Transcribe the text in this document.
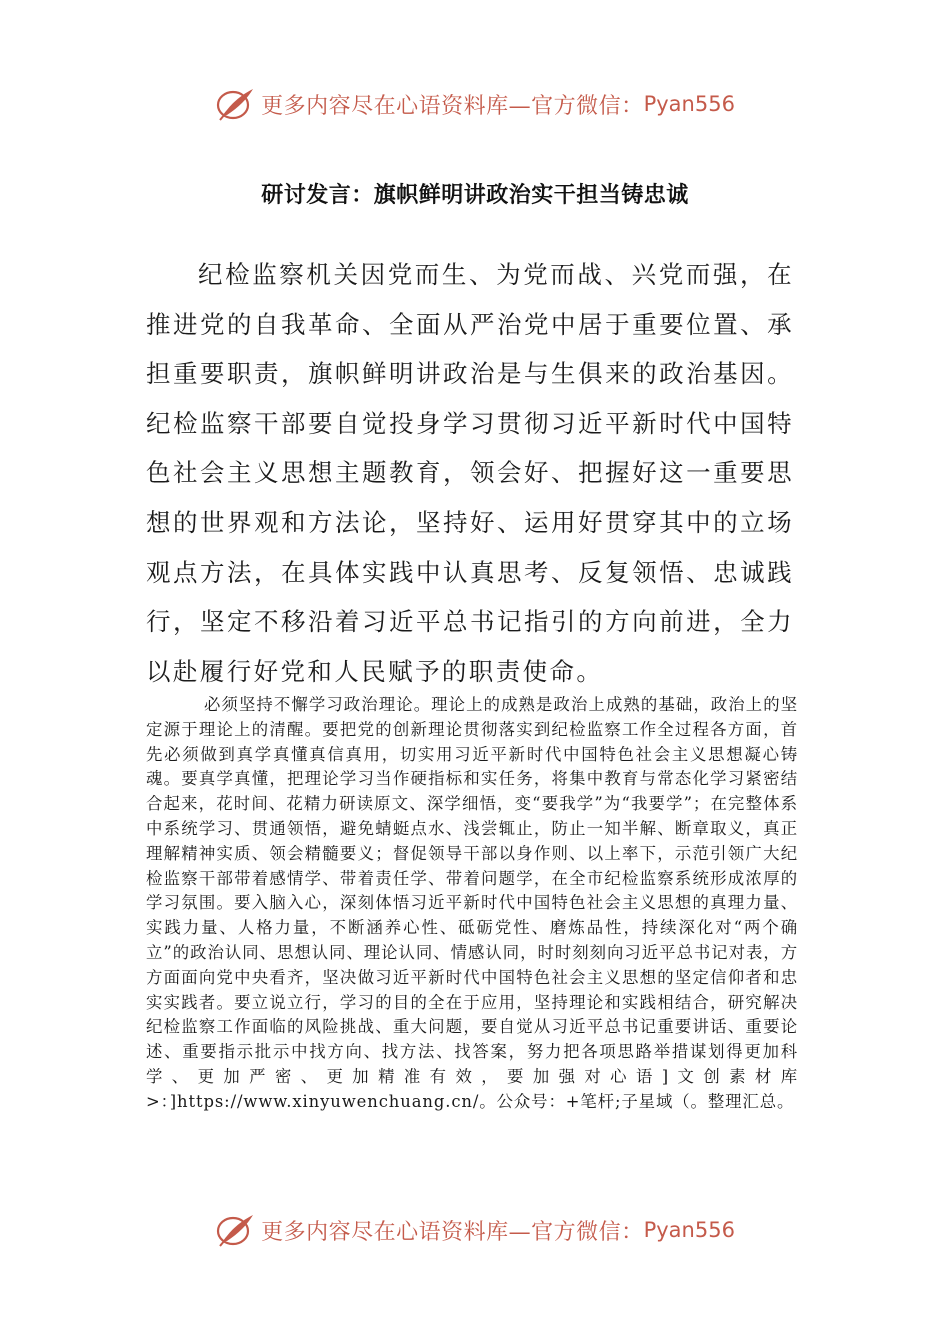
更多内容尽在心语资料库—官方微信： Pyan556
研讨发言：旗帜鲜明讲政治实干担当铸忠诚

纪检监察机关因党而生、为党而战、兴党而强，在推进党的自我革命、全面从严治党中居于重要位置、承担重要职责，旗帜鲜明讲政治是与生俱来的政治基因。纪检监察干部要自觉投身学习贯彻习近平新时代中国特色社会主义思想主题教育，领会好、把握好这一重要思想的世界观和方法论，坚持好、运用好贯穿其中的立场观点方法，在具体实践中认真思考、反复领悟、忠诚践行，坚定不移沿着习近平总书记指引的方向前进，全力以赴履行好党和人民赋予的职责使命。

必须坚持不懈学习政治理论。理论上的成熟是政治上成熟的基础，政治上的坚定源于理论上的清醒。要把党的创新理论贯彻落实到纪检监察工作全过程各方面，首先必须做到真学真懂真信真用，切实用习近平新时代中国特色社会主义思想凝心铸魂。要真学真懂，把理论学习当作硬指标和实任务，将集中教育与常态化学习紧密结合起来，花时间、花精力研读原文、深学细悟，变“要我学”为“我要学”；在完整体系中系统学习、贯通领悟，避免蜻蜓点水、浅尝辄止，防止一知半解、断章取义，真正理解精神实质、领会精髓要义；督促领导干部以身作则、以上率下，示范引领广大纪检监察干部带着感情学、带着责任学、带着问题学，在全市纪检监察系统形成浓厚的学习氛围。要入脑入心，深刻体悟习近平新时代中国特色社会主义思想的真理力量、实践力量、人格力量，不断涵养心性、砥砺党性、磨炼品性，持续深化对“两个确立”的政治认同、思想认同、理论认同、情感认同，时时刻刻向习近平总书记对表，方方面面向党中央看齐，坚决做习近平新时代中国特色社会主义思想的坚定信仰者和忠实实践者。要立说立行，学习的目的全在于应用，坚持理论和实践相结合，研究解决纪检监察工作面临的风险挑战、重大问题，要自觉从习近平总书记重要讲话、重要论述、重要指示批示中找方向、找方法、找答案，努力把各项思路举措谋划得更加科学、更加严密、更加精准有效，要加强对心语]文创素材库>：]https://www.xinyuwenchuang.cn/。公众号：+笔杆;子星域（。整理汇总。

更多内容尽在心语资料库—官方微信： Pyan556
